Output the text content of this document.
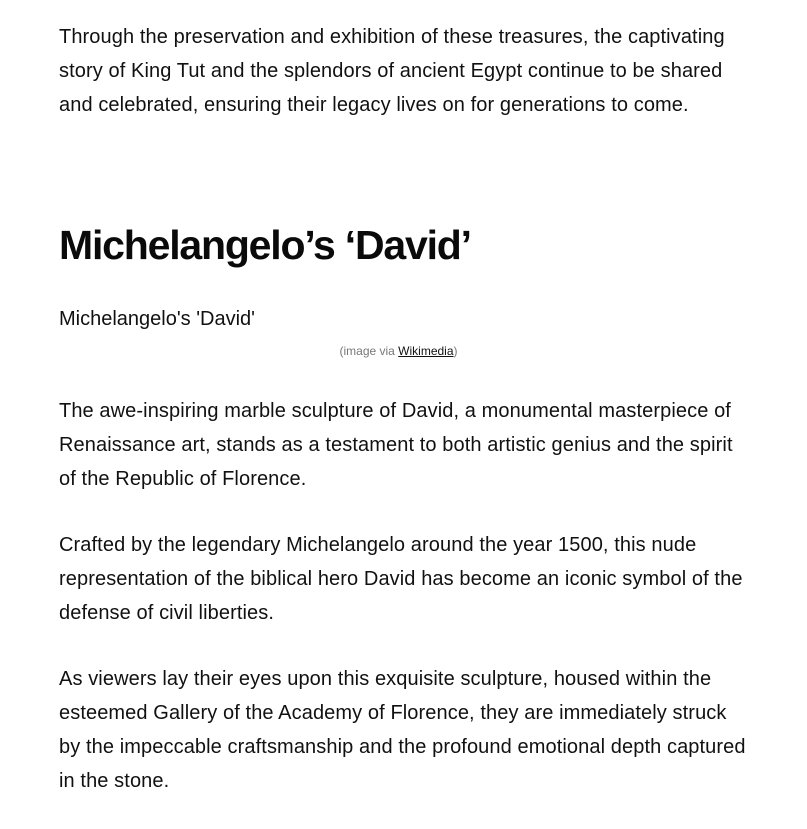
Through the preservation and exhibition of these treasures, the captivating story of King Tut and the splendors of ancient Egypt continue to be shared and celebrated, ensuring their legacy lives on for generations to come.

Michelangelo’s ‘David’
Michelangelo's 'David'
(image via Wikimedia)

The awe-inspiring marble sculpture of David, a monumental masterpiece of Renaissance art, stands as a testament to both artistic genius and the spirit of the Republic of Florence.

Crafted by the legendary Michelangelo around the year 1500, this nude representation of the biblical hero David has become an iconic symbol of the defense of civil liberties.

As viewers lay their eyes upon this exquisite sculpture, housed within the esteemed Gallery of the Academy of Florence, they are immediately struck by the impeccable craftsmanship and the profound emotional depth captured in the stone.
